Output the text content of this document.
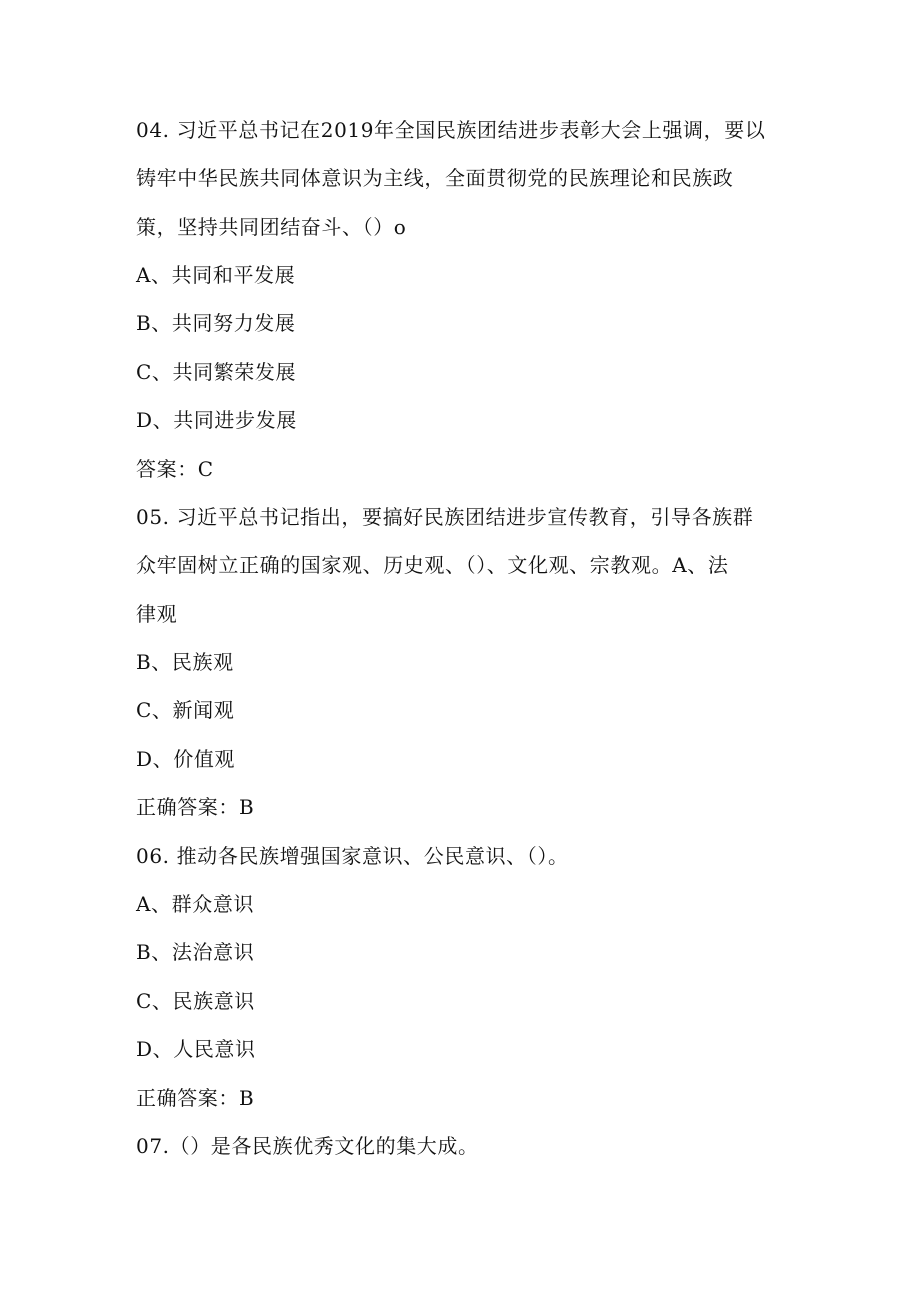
04. 习近平总书记在2019年全国民族团结进步表彰大会上强调，要以
铸牢中华民族共同体意识为主线，全面贯彻党的民族理论和民族政
策，坚持共同团结奋斗、（）o
A、共同和平发展
B、共同努力发展
C、共同繁荣发展
D、共同进步发展
答案：C
05. 习近平总书记指出，要搞好民族团结进步宣传教育，引导各族群
众牢固树立正确的国家观、历史观、（）、文化观、宗教观。A、法
律观
B、民族观
C、新闻观
D、价值观
正确答案：B
06. 推动各民族增强国家意识、公民意识、（）。
A、群众意识
B、法治意识
C、民族意识
D、人民意识
正确答案：B
07.（）是各民族优秀文化的集大成。
